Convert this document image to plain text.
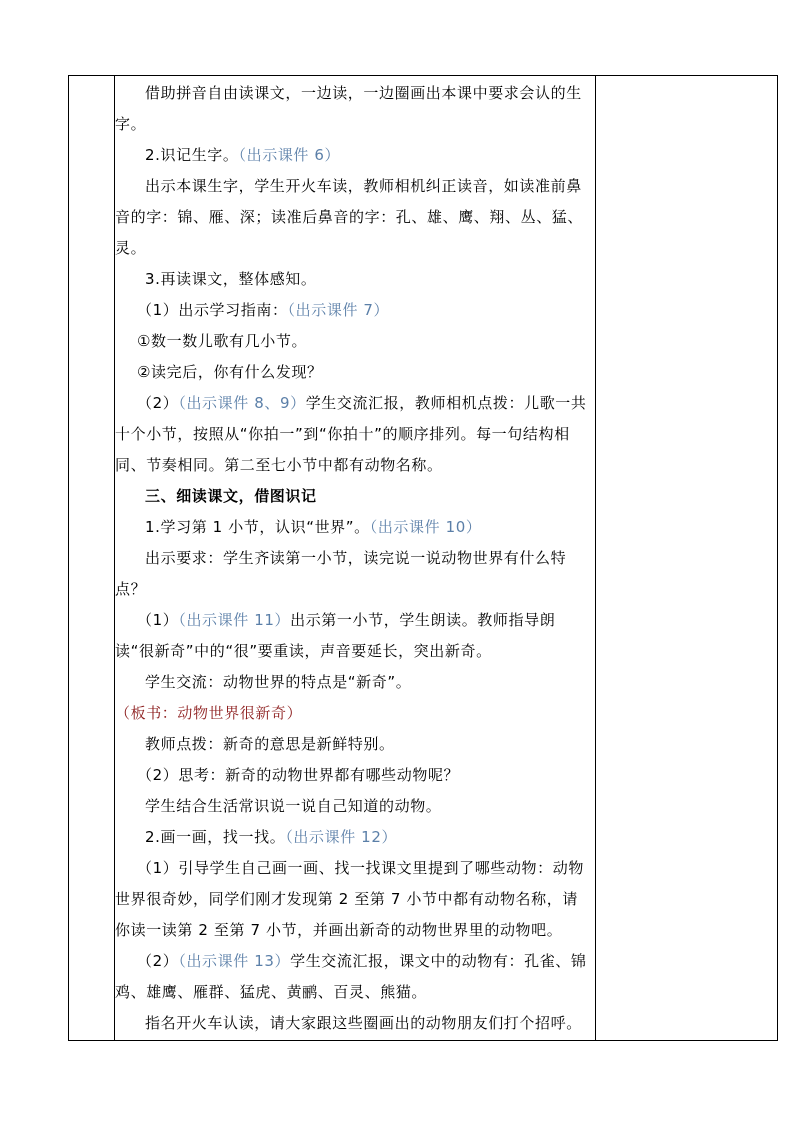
借助拼音自由读课文，一边读，一边圈画出本课中要求会认的生字。

2.识记生字。（出示课件 6）

出示本课生字，学生开火车读，教师相机纠正读音，如读准前鼻音的字：锦、雁、深；读准后鼻音的字：孔、雄、鹰、翔、丛、猛、灵。

3.再读课文，整体感知。

（1）出示学习指南：（出示课件 7）

①数一数儿歌有几小节。

②读完后，你有什么发现？

（2）（出示课件 8、9）学生交流汇报，教师相机点拨：儿歌一共十个小节，按照从“你拍一”到“你拍十”的顺序排列。每一句结构相同、节奏相同。第二至七小节中都有动物名称。

三、细读课文，借图识记

1.学习第 1 小节，认识“世界”。（出示课件 10）

出示要求：学生齐读第一小节，读完说一说动物世界有什么特点？

（1）（出示课件 11）出示第一小节，学生朗读。教师指导朗读“很新奇”中的“很”要重读，声音要延长，突出新奇。

学生交流：动物世界的特点是“新奇”。（板书：动物世界很新奇）

教师点拨：新奇的意思是新鲜特别。

（2）思考：新奇的动物世界都有哪些动物呢？

学生结合生活常识说一说自己知道的动物。

2.画一画，找一找。（出示课件 12）

（1）引导学生自己画一画、找一找课文里提到了哪些动物：动物世界很奇妙，同学们刚才发现第 2 至第 7 小节中都有动物名称，请你读一读第 2 至第 7 小节，并画出新奇的动物世界里的动物吧。

（2）（出示课件 13）学生交流汇报，课文中的动物有：孔雀、锦鸡、雄鹰、雁群、猛虎、黄鹂、百灵、熊猫。

指名开火车认读，请大家跟这些圈画出的动物朋友们打个招呼。
